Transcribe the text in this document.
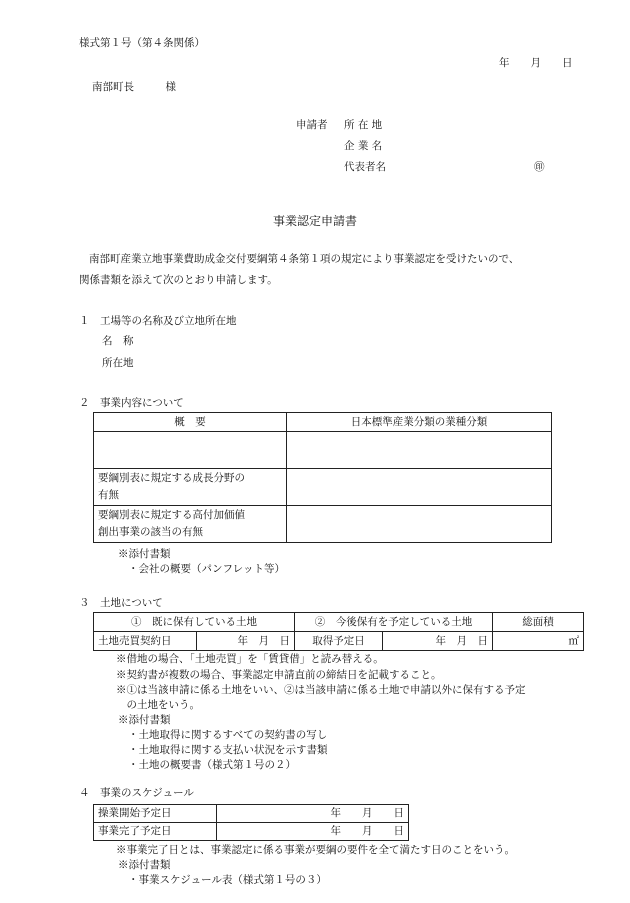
様式第１号（第４条関係）
年　　月　　日
南部町長　　　様
申請者 所 在 地
企 業 名
代表者名	㊞
事業認定申請書
南部町産業立地事業費助成金交付要綱第４条第１項の規定により事業認定を受けたいので、
関係書類を添えて次のとおり申請します。
１　工場等の名称及び立地所在地
名　称
所在地
２　事業内容について
概　要	日本標準産業分類の業種分類

要綱別表に規定する成長分野の
有無	

要綱別表に規定する高付加価値
創出事業の該当の有無	

※添付書類
・会社の概要（パンフレット等）
３　土地について
①　既に保有している土地		②　今後保有を予定している土地		総面積
土地売買契約日	年　月　日	取得予定日	年　月　日	㎡
※借地の場合、「土地売買」を「賃貸借」と読み替える。
※契約書が複数の場合、事業認定申請直前の締結日を記載すること。
※①は当該申請に係る土地をいい、②は当該申請に係る土地で申請以外に保有する予定
　の土地をいう。
※添付書類
・土地取得に関するすべての契約書の写し
・土地取得に関する支払い状況を示す書類
・土地の概要書（様式第１号の２）
４　事業のスケジュール
操業開始予定日	年　　月　　日
事業完了予定日	年　　月　　日
※事業完了日とは、事業認定に係る事業が要綱の要件を全て満たす日のことをいう。
※添付書類
・事業スケジュール表（様式第１号の３）
